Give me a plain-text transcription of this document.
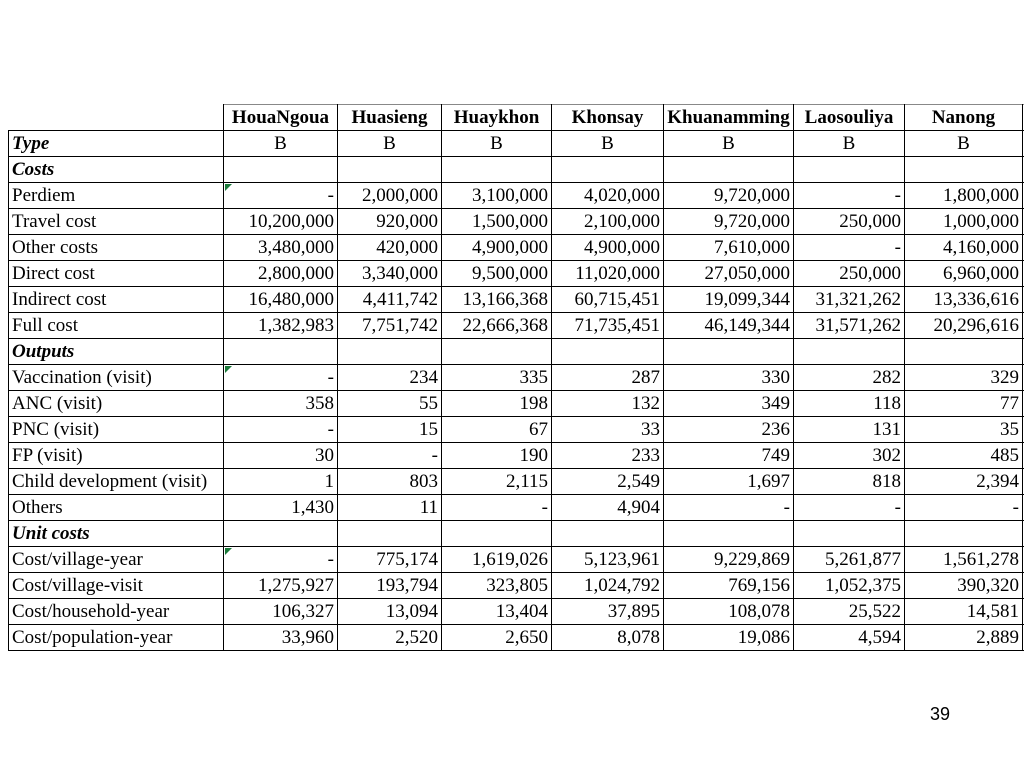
	HouaNgoua	Huasieng	Huaykhon	Khonsay	Khuanamming	Laosouliya	Nanong	
Type	B	B	B	B	B	B	B	
Costs								
Perdiem	-	2,000,000	3,100,000	4,020,000	9,720,000	-	1,800,000	
Travel cost	10,200,000	920,000	1,500,000	2,100,000	9,720,000	250,000	1,000,000	
Other costs	3,480,000	420,000	4,900,000	4,900,000	7,610,000	-	4,160,000	
Direct cost	2,800,000	3,340,000	9,500,000	11,020,000	27,050,000	250,000	6,960,000	
Indirect cost	16,480,000	4,411,742	13,166,368	60,715,451	19,099,344	31,321,262	13,336,616	
Full cost	1,382,983	7,751,742	22,666,368	71,735,451	46,149,344	31,571,262	20,296,616	
Outputs								
Vaccination (visit)	-	234	335	287	330	282	329	
ANC (visit)	358	55	198	132	349	118	77	
PNC (visit)	-	15	67	33	236	131	35	
FP (visit)	30	-	190	233	749	302	485	
Child development (visit)	1	803	2,115	2,549	1,697	818	2,394	
Others	1,430	11	-	4,904	-	-	-	
Unit costs								
Cost/village-year	-	775,174	1,619,026	5,123,961	9,229,869	5,261,877	1,561,278	
Cost/village-visit	1,275,927	193,794	323,805	1,024,792	769,156	1,052,375	390,320	
Cost/household-year	106,327	13,094	13,404	37,895	108,078	25,522	14,581	
Cost/population-year	33,960	2,520	2,650	8,078	19,086	4,594	2,889	
39
